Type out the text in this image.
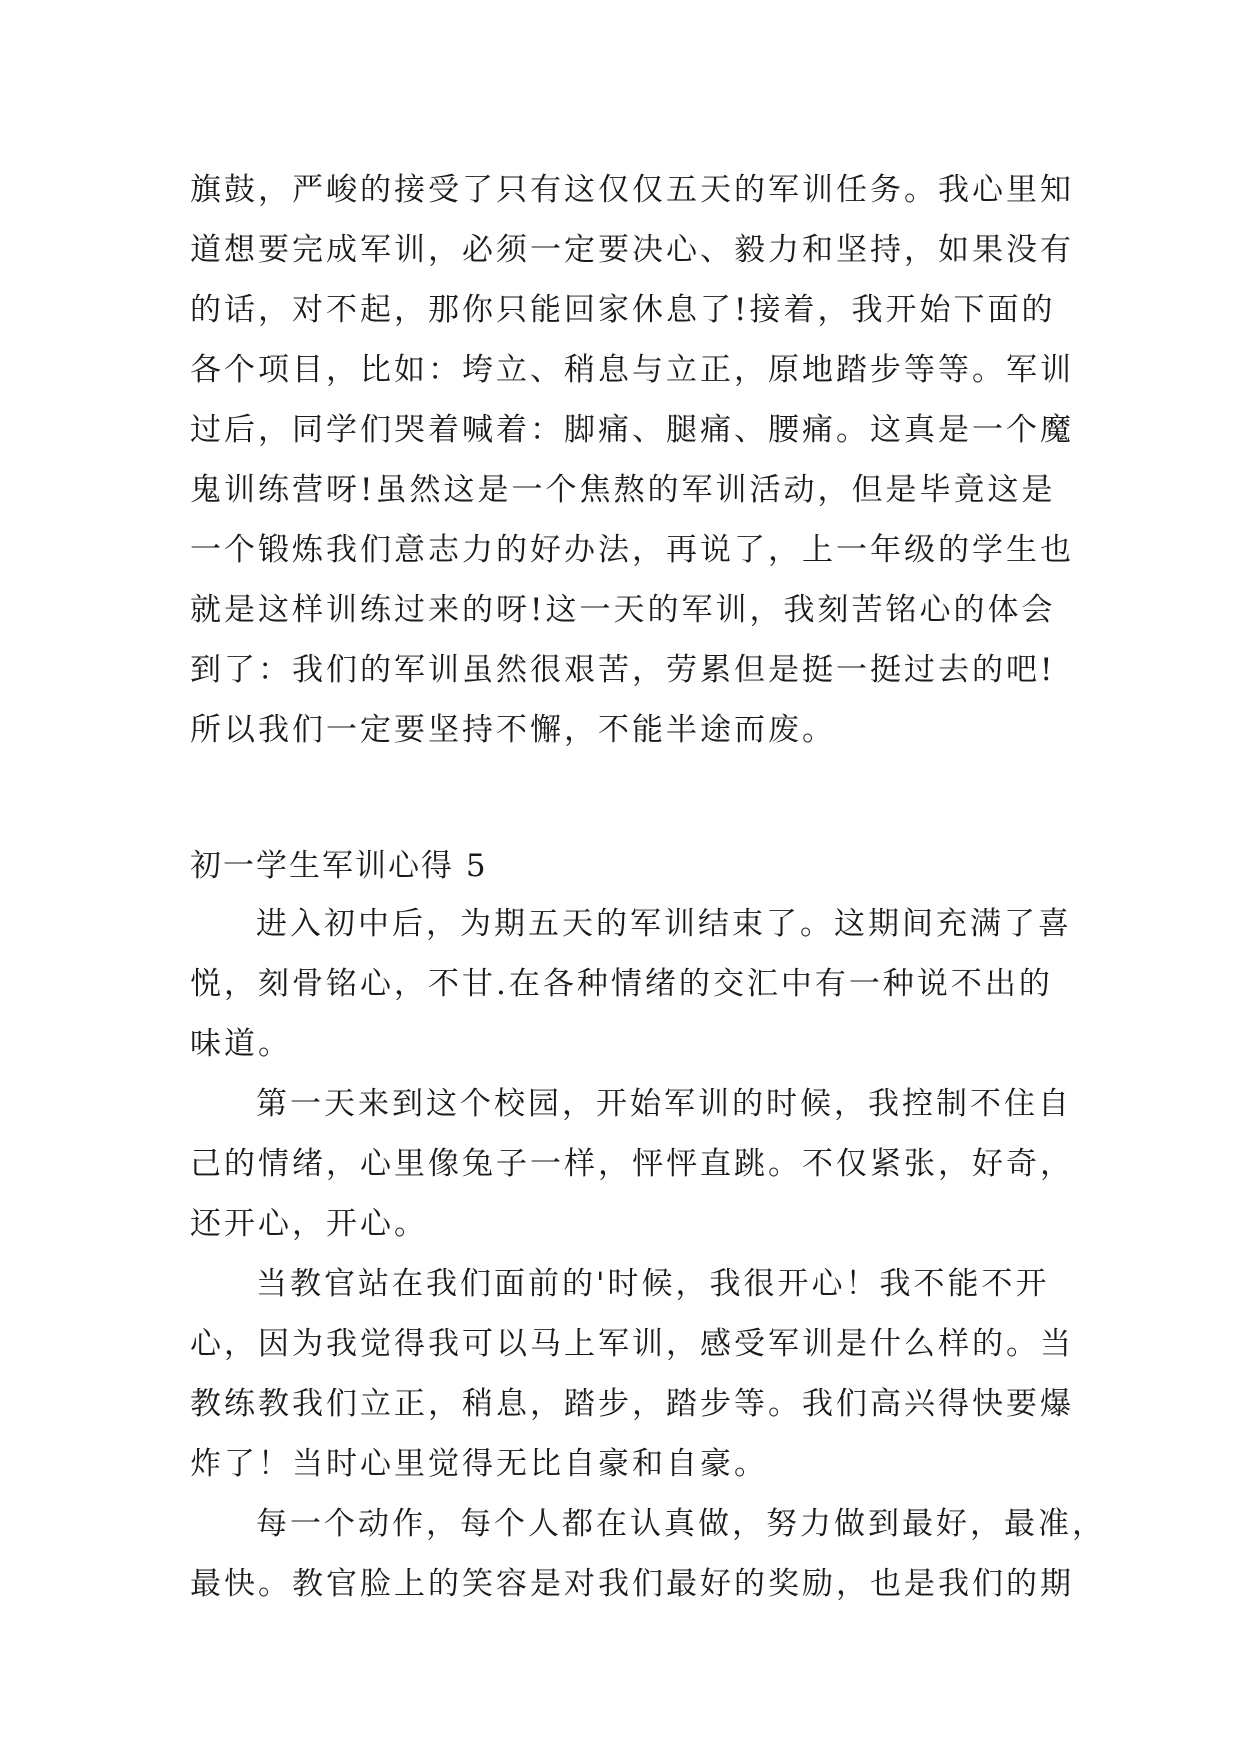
旗鼓，严峻的接受了只有这仅仅五天的军训任务。我心里知
道想要完成军训，必须一定要决心、毅力和坚持，如果没有
的话，对不起，那你只能回家休息了!接着，我开始下面的
各个项目，比如：垮立、稍息与立正，原地踏步等等。军训
过后，同学们哭着喊着：脚痛、腿痛、腰痛。这真是一个魔
鬼训练营呀!虽然这是一个焦熬的军训活动，但是毕竟这是
一个锻炼我们意志力的好办法，再说了，上一年级的学生也
就是这样训练过来的呀!这一天的军训，我刻苦铭心的体会
到了：我们的军训虽然很艰苦，劳累但是挺一挺过去的吧!
所以我们一定要坚持不懈，不能半途而废。
初一学生军训心得 5
进入初中后，为期五天的军训结束了。这期间充满了喜
悦，刻骨铭心，不甘.在各种情绪的交汇中有一种说不出的
味道。
第一天来到这个校园，开始军训的时候，我控制不住自
己的情绪，心里像兔子一样，怦怦直跳。不仅紧张，好奇，
还开心，开心。
当教官站在我们面前的'时候，我很开心！我不能不开
心，因为我觉得我可以马上军训，感受军训是什么样的。当
教练教我们立正，稍息，踏步，踏步等。我们高兴得快要爆
炸了！当时心里觉得无比自豪和自豪。
每一个动作，每个人都在认真做，努力做到最好，最准，
最快。教官脸上的笑容是对我们最好的奖励，也是我们的期
